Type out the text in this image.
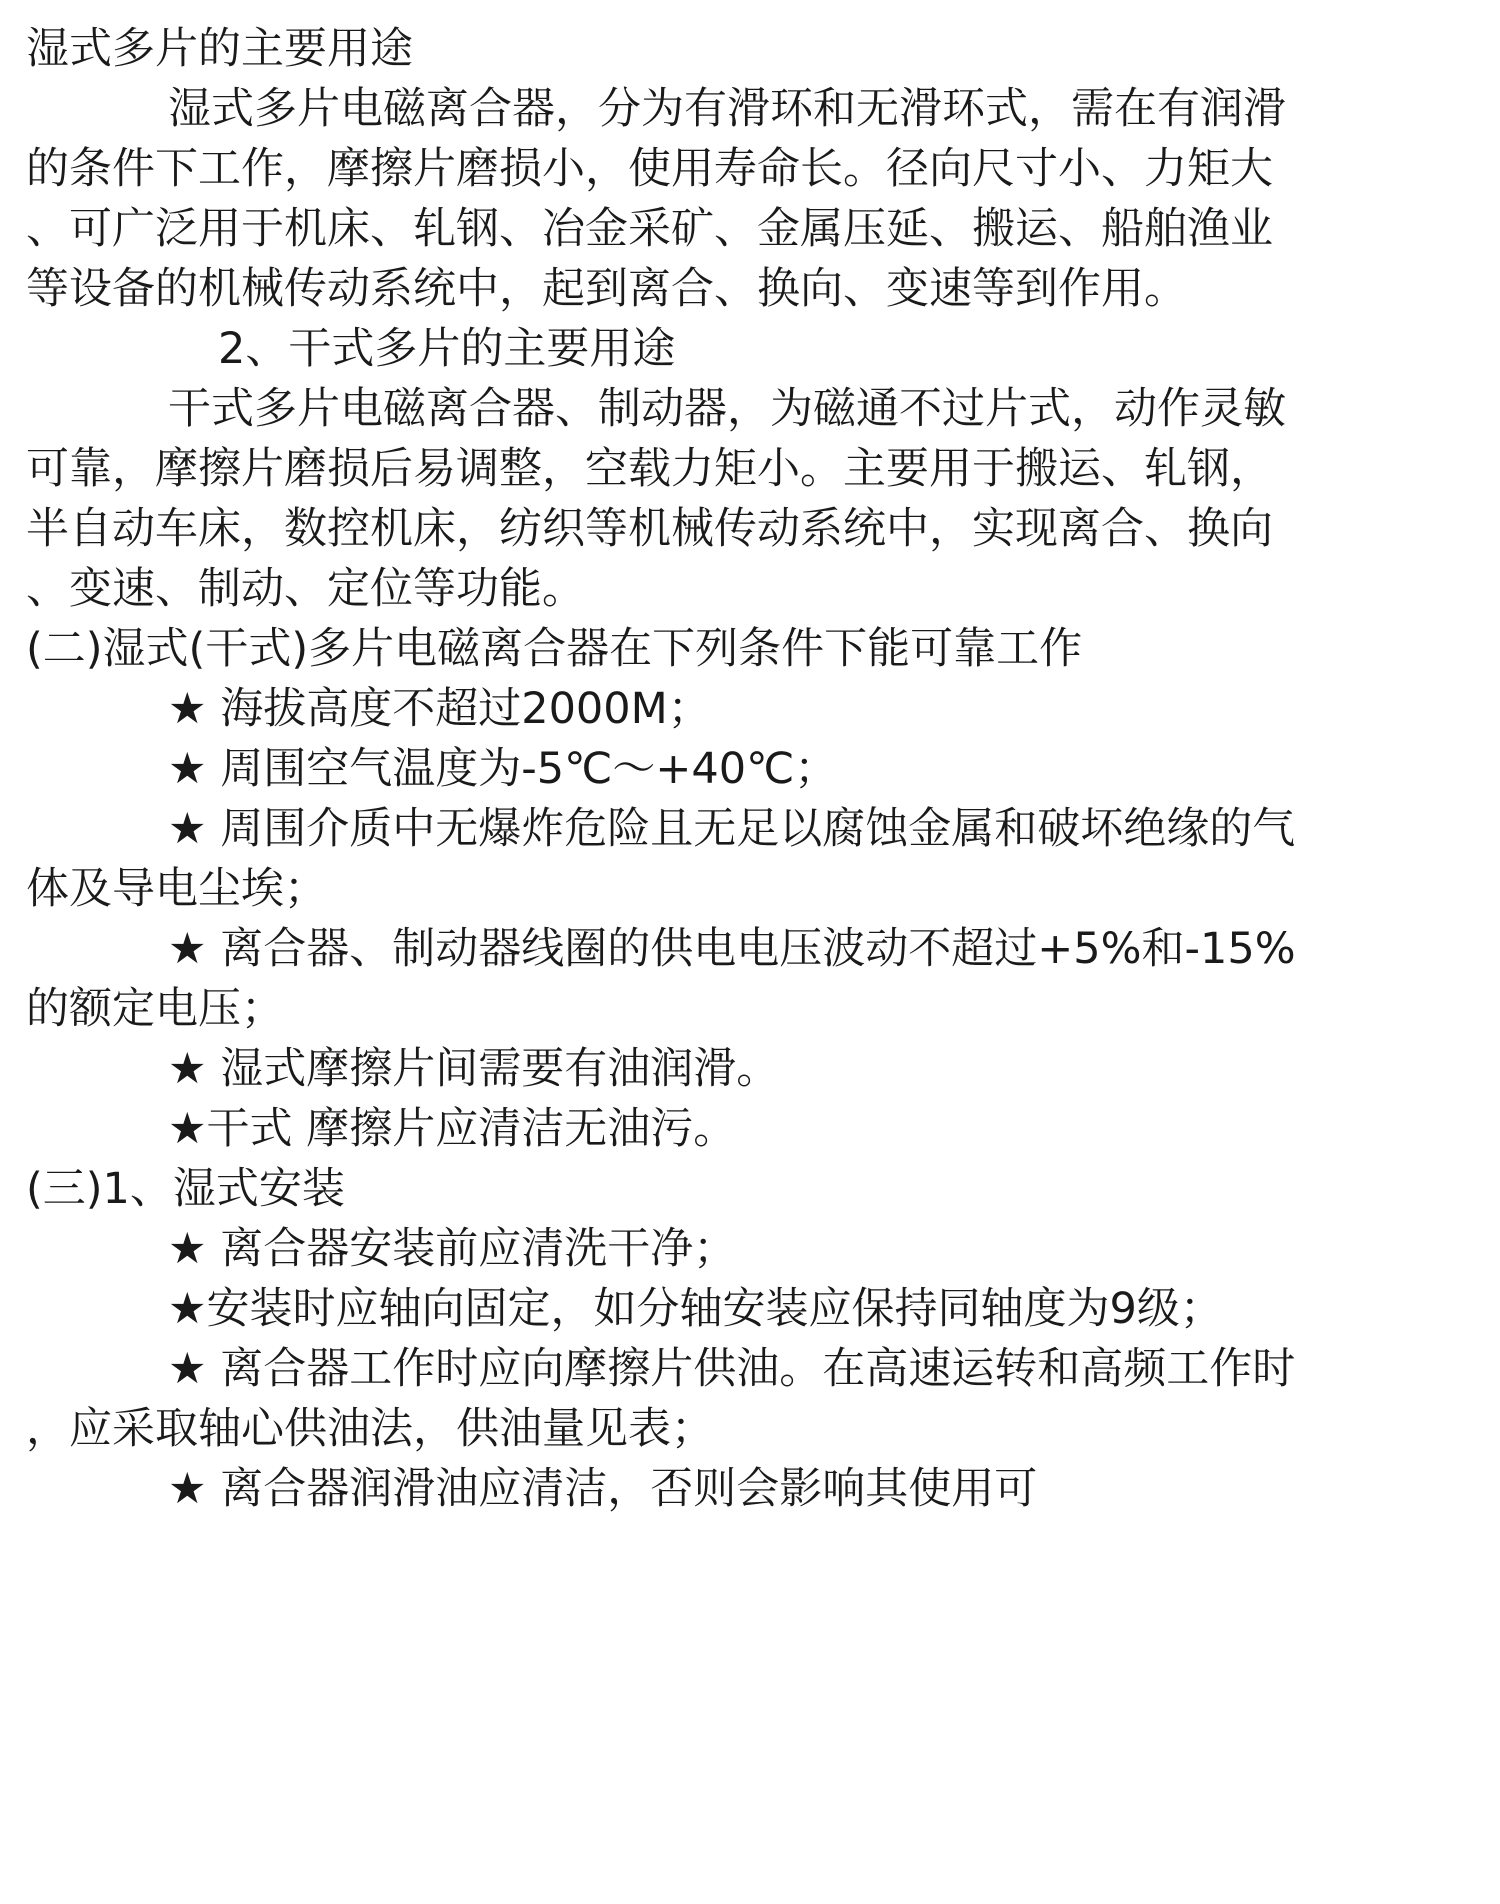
湿式多片的主要用途
湿式多片电磁离合器，分为有滑环和无滑环式，需在有润滑
的条件下工作，摩擦片磨损小，使用寿命长。径向尺寸小、力矩大
、可广泛用于机床、轧钢、冶金采矿、金属压延、搬运、船舶渔业
等设备的机械传动系统中，起到离合、换向、变速等到作用。
2、干式多片的主要用途
干式多片电磁离合器、制动器，为磁通不过片式，动作灵敏
可靠，摩擦片磨损后易调整，空载力矩小。主要用于搬运、轧钢，
半自动车床，数控机床，纺织等机械传动系统中，实现离合、换向
、变速、制动、定位等功能。
(二)湿式(干式)多片电磁离合器在下列条件下能可靠工作
★ 海拔高度不超过2000M；
★ 周围空气温度为-5℃～+40℃；
★ 周围介质中无爆炸危险且无足以腐蚀金属和破坏绝缘的气
体及导电尘埃；
★ 离合器、制动器线圈的供电电压波动不超过+5%和-15%
的额定电压；
★ 湿式摩擦片间需要有油润滑。
★干式 摩擦片应清洁无油污。
(三)1、湿式安装
★ 离合器安装前应清洗干净；
★安装时应轴向固定，如分轴安装应保持同轴度为9级；
★ 离合器工作时应向摩擦片供油。在高速运转和高频工作时
，应采取轴心供油法，供油量见表；
★ 离合器润滑油应清洁，否则会影响其使用可
